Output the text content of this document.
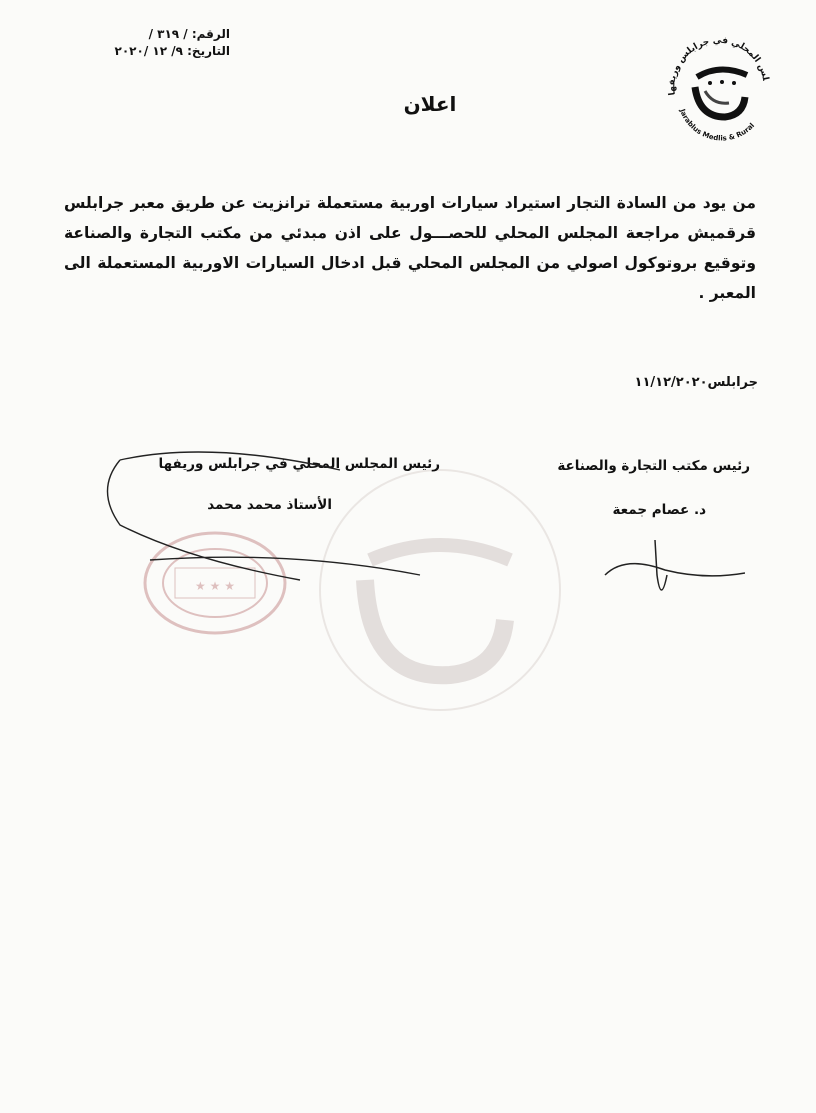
الرقم: / ٣١٩ /
التاريخ: ٩/ ١٢ /٢٠٢٠
لس المحلي في جرابلس وريفها
Jarablus Medlis & Rural
اعلان
من يود من السادة التجار استيراد سيارات اوربية مستعملة ترانزيت عن طريق معبر جرابلس قرقميش مراجعة المجلس المحلي للحصـــول على اذن مبدئي من مكتب التجارة والصناعة وتوقيع بروتوكول اصولي من المجلس المحلي قبل ادخال السيارات الاوربية المستعملة الى المعبر .
جرابلس١١/١٢/٢٠٢٠
★ ★ ★
رئيس مكتب التجارة والصناعة
د. عصام جمعة
رئيس المجلس المحلي في جرابلس وريفها
الأستاذ محمد محمد
